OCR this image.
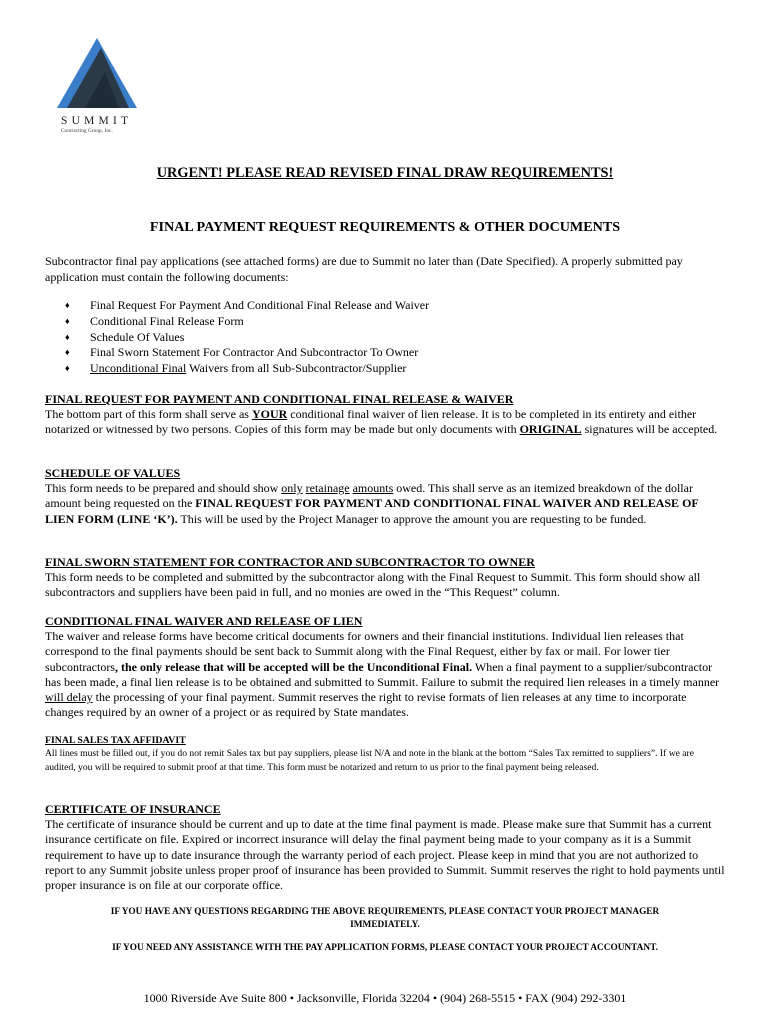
SUMMIT
Contracting Group, Inc.
URGENT! PLEASE READ REVISED FINAL DRAW REQUIREMENTS!
FINAL PAYMENT REQUEST REQUIREMENTS & OTHER DOCUMENTS
Subcontractor final pay applications (see attached forms) are due to Summit no later than (Date Specified). A properly submitted pay application must contain the following documents:
♦ Final Request For Payment And Conditional Final Release and Waiver
♦ Conditional Final Release Form
♦ Schedule Of Values
♦ Final Sworn Statement For Contractor And Subcontractor To Owner
♦ Unconditional Final Waivers from all Sub-Subcontractor/Supplier
FINAL REQUEST FOR PAYMENT AND CONDITIONAL FINAL RELEASE & WAIVER
The bottom part of this form shall serve as YOUR conditional final waiver of lien release. It is to be completed in its entirety and either notarized or witnessed by two persons. Copies of this form may be made but only documents with ORIGINAL signatures will be accepted.
SCHEDULE OF VALUES
This form needs to be prepared and should show only retainage amounts owed. This shall serve as an itemized breakdown of the dollar amount being requested on the FINAL REQUEST FOR PAYMENT AND CONDITIONAL FINAL WAIVER AND RELEASE OF LIEN FORM (LINE ‘K’). This will be used by the Project Manager to approve the amount you are requesting to be funded.
FINAL SWORN STATEMENT FOR CONTRACTOR AND SUBCONTRACTOR TO OWNER
This form needs to be completed and submitted by the subcontractor along with the Final Request to Summit. This form should show all subcontractors and suppliers have been paid in full, and no monies are owed in the “This Request” column.
CONDITIONAL FINAL WAIVER AND RELEASE OF LIEN
The waiver and release forms have become critical documents for owners and their financial institutions. Individual lien releases that correspond to the final payments should be sent back to Summit along with the Final Request, either by fax or mail. For lower tier subcontractors, the only release that will be accepted will be the Unconditional Final. When a final payment to a supplier/subcontractor has been made, a final lien release is to be obtained and submitted to Summit. Failure to submit the required lien releases in a timely manner will delay the processing of your final payment. Summit reserves the right to revise formats of lien releases at any time to incorporate changes required by an owner of a project or as required by State mandates.
FINAL SALES TAX AFFIDAVIT
All lines must be filled out, if you do not remit Sales tax but pay suppliers, please list N/A and note in the blank at the bottom “Sales Tax remitted to suppliers”. If we are audited, you will be required to submit proof at that time. This form must be notarized and return to us prior to the final payment being released.
CERTIFICATE OF INSURANCE
The certificate of insurance should be current and up to date at the time final payment is made. Please make sure that Summit has a current insurance certificate on file. Expired or incorrect insurance will delay the final payment being made to your company as it is a Summit requirement to have up to date insurance through the warranty period of each project. Please keep in mind that you are not authorized to report to any Summit jobsite unless proper proof of insurance has been provided to Summit. Summit reserves the right to hold payments until proper insurance is on file at our corporate office.
IF YOU HAVE ANY QUESTIONS REGARDING THE ABOVE REQUIREMENTS, PLEASE CONTACT YOUR PROJECT MANAGER IMMEDIATELY.
IF YOU NEED ANY ASSISTANCE WITH THE PAY APPLICATION FORMS, PLEASE CONTACT YOUR PROJECT ACCOUNTANT.
1000 Riverside Ave Suite 800 • Jacksonville, Florida 32204 • (904) 268-5515 • FAX (904) 292-3301
